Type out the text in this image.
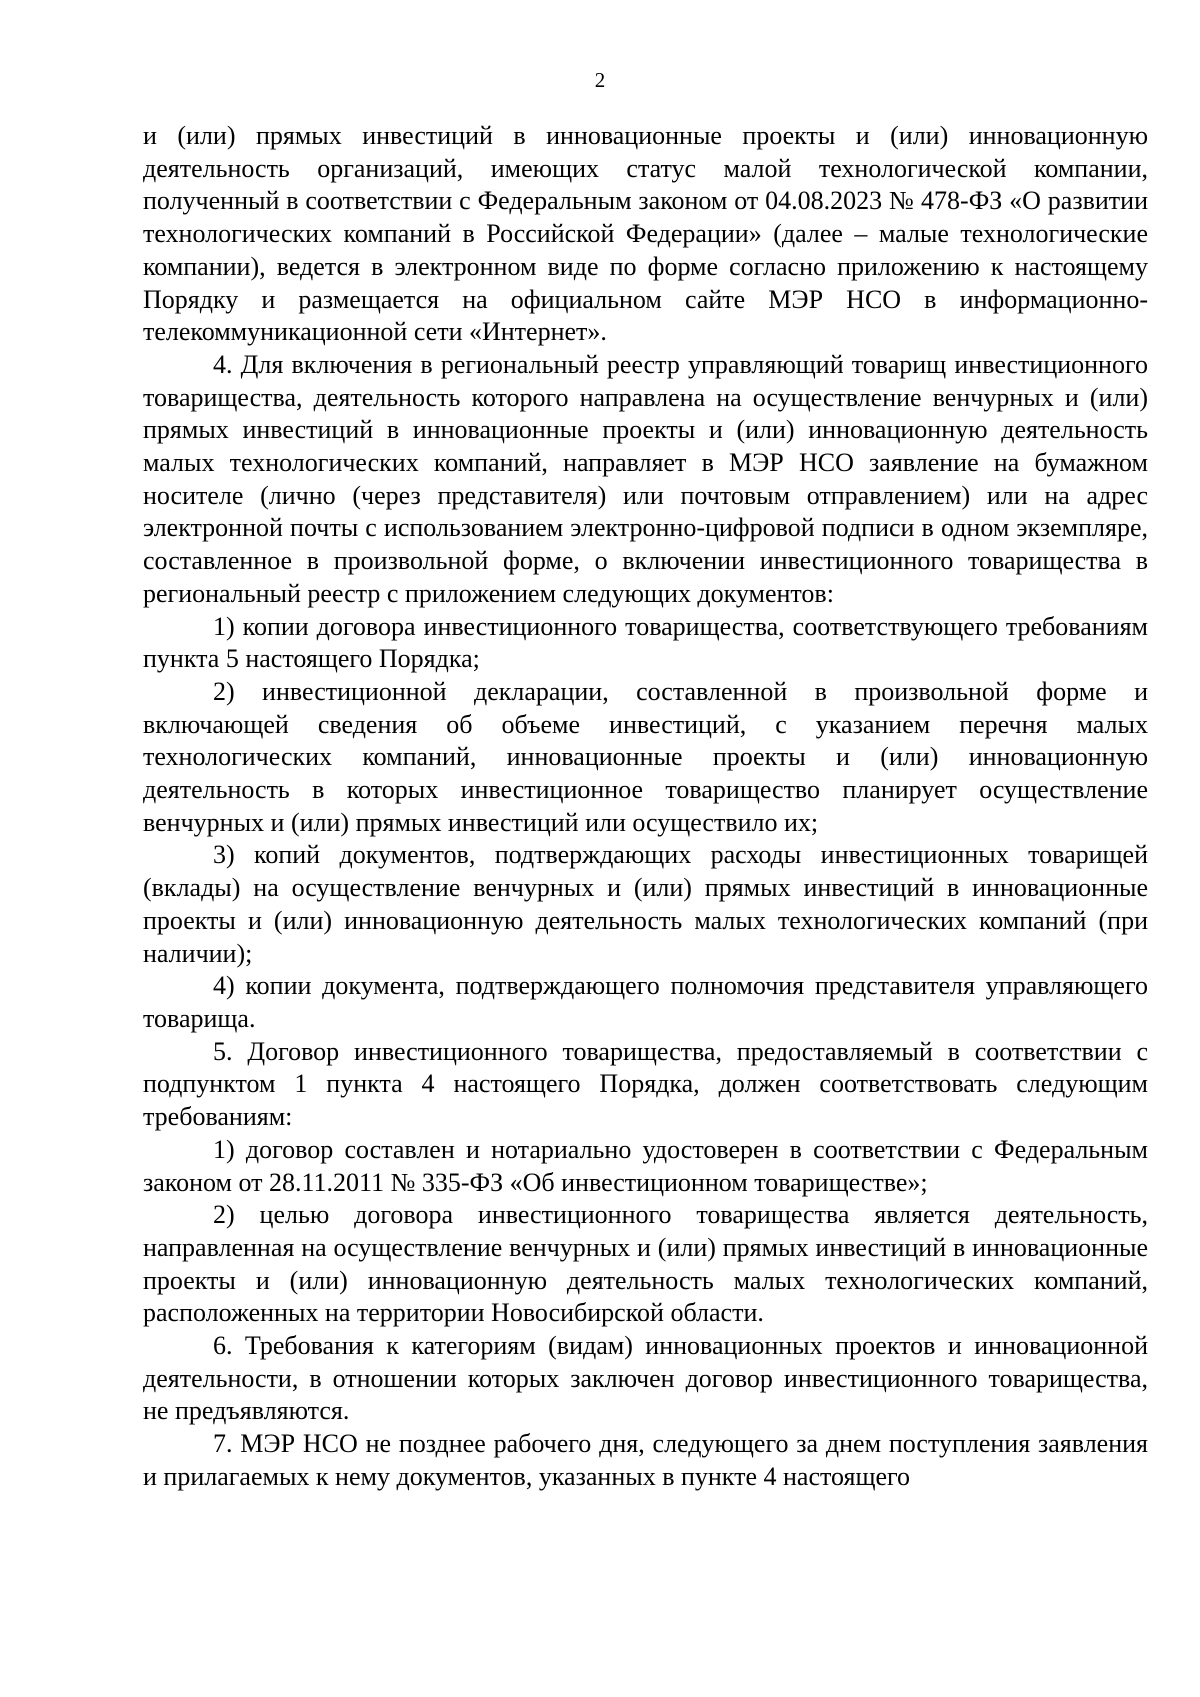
2

и (или) прямых инвестиций в инновационные проекты и (или) инновационную деятельность организаций, имеющих статус малой технологической компании, полученный в соответствии с Федеральным законом от 04.08.2023 № 478-ФЗ «О развитии технологических компаний в Российской Федерации» (далее – малые технологические компании), ведется в электронном виде по форме согласно приложению к настоящему Порядку и размещается на официальном сайте МЭР НСО в информационно-телекоммуникационной сети «Интернет».

4. Для включения в региональный реестр управляющий товарищ инвестиционного товарищества, деятельность которого направлена на осуществление венчурных и (или) прямых инвестиций в инновационные проекты и (или) инновационную деятельность малых технологических компаний, направляет в МЭР НСО заявление на бумажном носителе (лично (через представителя) или почтовым отправлением) или на адрес электронной почты с использованием электронно-цифровой подписи в одном экземпляре, составленное в произвольной форме, о включении инвестиционного товарищества в региональный реестр с приложением следующих документов:

1) копии договора инвестиционного товарищества, соответствующего требованиям пункта 5 настоящего Порядка;

2) инвестиционной декларации, составленной в произвольной форме и включающей сведения об объеме инвестиций, с указанием перечня малых технологических компаний, инновационные проекты и (или) инновационную деятельность в которых инвестиционное товарищество планирует осуществление венчурных и (или) прямых инвестиций или осуществило их;

3) копий документов, подтверждающих расходы инвестиционных товарищей (вклады) на осуществление венчурных и (или) прямых инвестиций в инновационные проекты и (или) инновационную деятельность малых технологических компаний (при наличии);

4) копии документа, подтверждающего полномочия представителя управляющего товарища.

5. Договор инвестиционного товарищества, предоставляемый в соответствии с подпунктом 1 пункта 4 настоящего Порядка, должен соответствовать следующим требованиям:

1) договор составлен и нотариально удостоверен в соответствии с Федеральным законом от 28.11.2011 № 335-ФЗ «Об инвестиционном товариществе»;

2) целью договора инвестиционного товарищества является деятельность, направленная на осуществление венчурных и (или) прямых инвестиций в инновационные проекты и (или) инновационную деятельность малых технологических компаний, расположенных на территории Новосибирской области.

6. Требования к категориям (видам) инновационных проектов и инновационной деятельности, в отношении которых заключен договор инвестиционного товарищества, не предъявляются.

7. МЭР НСО не позднее рабочего дня, следующего за днем поступления заявления и прилагаемых к нему документов, указанных в пункте 4 настоящего
